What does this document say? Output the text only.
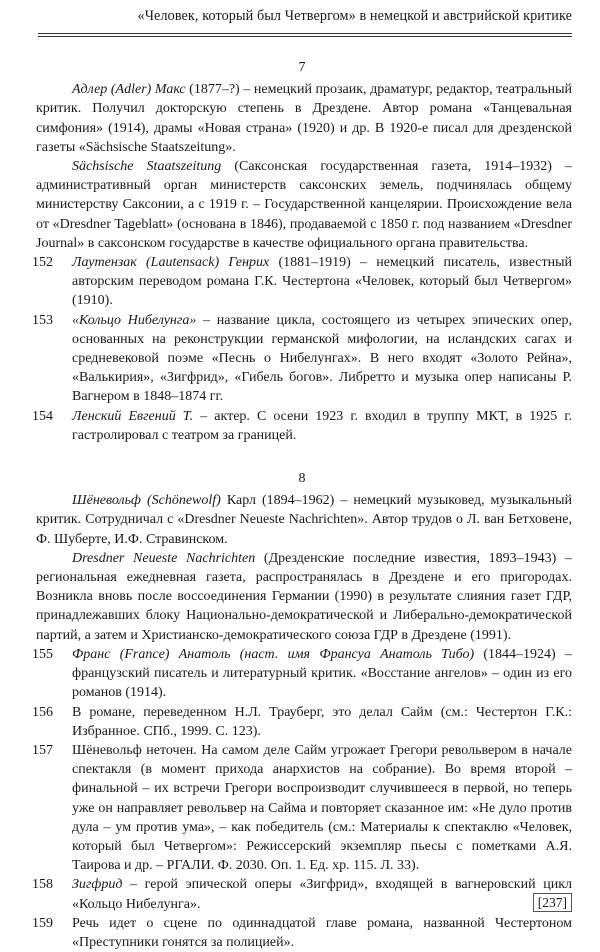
«Человек, который был Четвергом» в немецкой и австрийской критике
7

Адлер (Adler) Макс (1877–?) – немецкий прозаик, драматург, редактор, театральный критик. Получил докторскую степень в Дрездене. Автор романа «Танцевальная симфония» (1914), драмы «Новая страна» (1920) и др. В 1920-е писал для дрезденской газеты «Sächsische Staatszeitung».

Sächsische Staatszeitung (Саксонская государственная газета, 1914–1932) – административный орган министерств саксонских земель, подчинялась общему министерству Саксонии, а с 1919 г. – Государственной канцелярии. Происхождение вела от «Dresdner Tageblatt» (основана в 1846), продаваемой с 1850 г. под названием «Dresdner Journal» в саксонском государстве в качестве официального органа правительства.

152	Лаутензак (Lautensack) Генрих (1881–1919) – немецкий писатель, известный авторским переводом романа Г.К. Честертона «Человек, который был Четвергом» (1910).
153	«Кольцо Нибелунга» – название цикла, состоящего из четырех эпических опер, основанных на реконструкции германской мифологии, на исландских сагах и средневековой поэме «Песнь о Нибелунгах». В него входят «Золото Рейна», «Валькирия», «Зигфрид», «Гибель богов». Либретто и музыка опер написаны Р. Вагнером в 1848–1874 гг.
154	Ленский Евгений Т. – актер. С осени 1923 г. входил в труппу МКТ, в 1925 г. гастролировал с театром за границей.
8

Шёневольф (Schönewolf) Карл (1894–1962) – немецкий музыковед, музыкальный критик. Сотрудничал с «Dresdner Neueste Nachrichten». Автор трудов о Л. ван Бетховене, Ф. Шуберте, И.Ф. Стравинском.

Dresdner Neueste Nachrichten (Дрезденские последние известия, 1893–1943) – региональная ежедневная газета, распространялась в Дрездене и его пригородах. Возникла вновь после воссоединения Германии (1990) в результате слияния газет ГДР, принадлежавших блоку Национально-демократической и Либерально-демократической партий, а затем и Христианско-демократического союза ГДР в Дрездене (1991).

155	Франс (France) Анатоль (наст. имя Франсуа Анатоль Тибо) (1844–1924) – французский писатель и литературный критик. «Восстание ангелов» – один из его романов (1914).
156	В романе, переведенном Н.Л. Трауберг, это делал Сайм (см.: Честертон Г.К.: Избранное. СПб., 1999. С. 123).
157	Шёневольф неточен. На самом деле Сайм угрожает Грегори револьвером в начале спектакля (в момент прихода анархистов на собрание). Во время второй – финальной – их встречи Грегори воспроизводит случившееся в первой, но теперь уже он направляет револьвер на Сайма и повторяет сказанное им: «Не дуло против дула – ум против ума», – как победитель (см.: Материалы к спектаклю «Человек, который был Четвергом»: Режиссерский экземпляр пьесы с пометками А.Я. Таирова и др. – РГАЛИ. Ф. 2030. Оп. 1. Ед. хр. 115. Л. 33).
158	Зигфрид – герой эпической оперы «Зигфрид», входящей в вагнеровский цикл «Кольцо Нибелунга».
159	Речь идет о сцене по одиннадцатой главе романа, названной Честертоном «Преступники гонятся за полицией».
[237]
